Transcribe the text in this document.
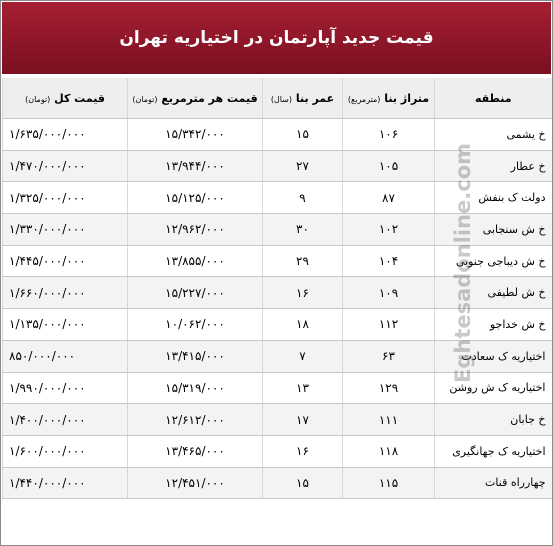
قیمت جدید آپارتمان در اختیاریه تهران
منطقه	متراژ بنا (مترمربع)	عمر بنا (سال)	قیمت هر مترمربع (تومان)	قیمت کل (تومان)
خ یشمی	۱۰۶	۱۵	۱۵/۳۴۲/۰۰۰	۱/۶۳۵/۰۰۰/۰۰۰
خ عطار	۱۰۵	۲۷	۱۳/۹۴۴/۰۰۰	۱/۴۷۰/۰۰۰/۰۰۰
دولت ک بنفش	۸۷	۹	۱۵/۱۲۵/۰۰۰	۱/۳۲۵/۰۰۰/۰۰۰
خ ش سنجابی	۱۰۲	۳۰	۱۲/۹۶۲/۰۰۰	۱/۳۳۰/۰۰۰/۰۰۰
خ ش دیباجی جنوبی	۱۰۴	۲۹	۱۳/۸۵۵/۰۰۰	۱/۴۴۵/۰۰۰/۰۰۰
خ ش لطیفی	۱۰۹	۱۶	۱۵/۲۲۷/۰۰۰	۱/۶۶۰/۰۰۰/۰۰۰
خ ش خداجو	۱۱۲	۱۸	۱۰/۰۶۲/۰۰۰	۱/۱۳۵/۰۰۰/۰۰۰
اختیاریه ک سعادت	۶۳	۷	۱۳/۴۱۵/۰۰۰	۸۵۰/۰۰۰/۰۰۰
اختیاریه ک ش روشن	۱۲۹	۱۳	۱۵/۳۱۹/۰۰۰	۱/۹۹۰/۰۰۰/۰۰۰
خ جابان	۱۱۱	۱۷	۱۲/۶۱۲/۰۰۰	۱/۴۰۰/۰۰۰/۰۰۰
اختیاریه ک جهانگیری	۱۱۸	۱۶	۱۳/۴۶۵/۰۰۰	۱/۶۰۰/۰۰۰/۰۰۰
چهارراه قنات	۱۱۵	۱۵	۱۲/۴۵۱/۰۰۰	۱/۴۴۰/۰۰۰/۰۰۰
Eghtesadonline.com
